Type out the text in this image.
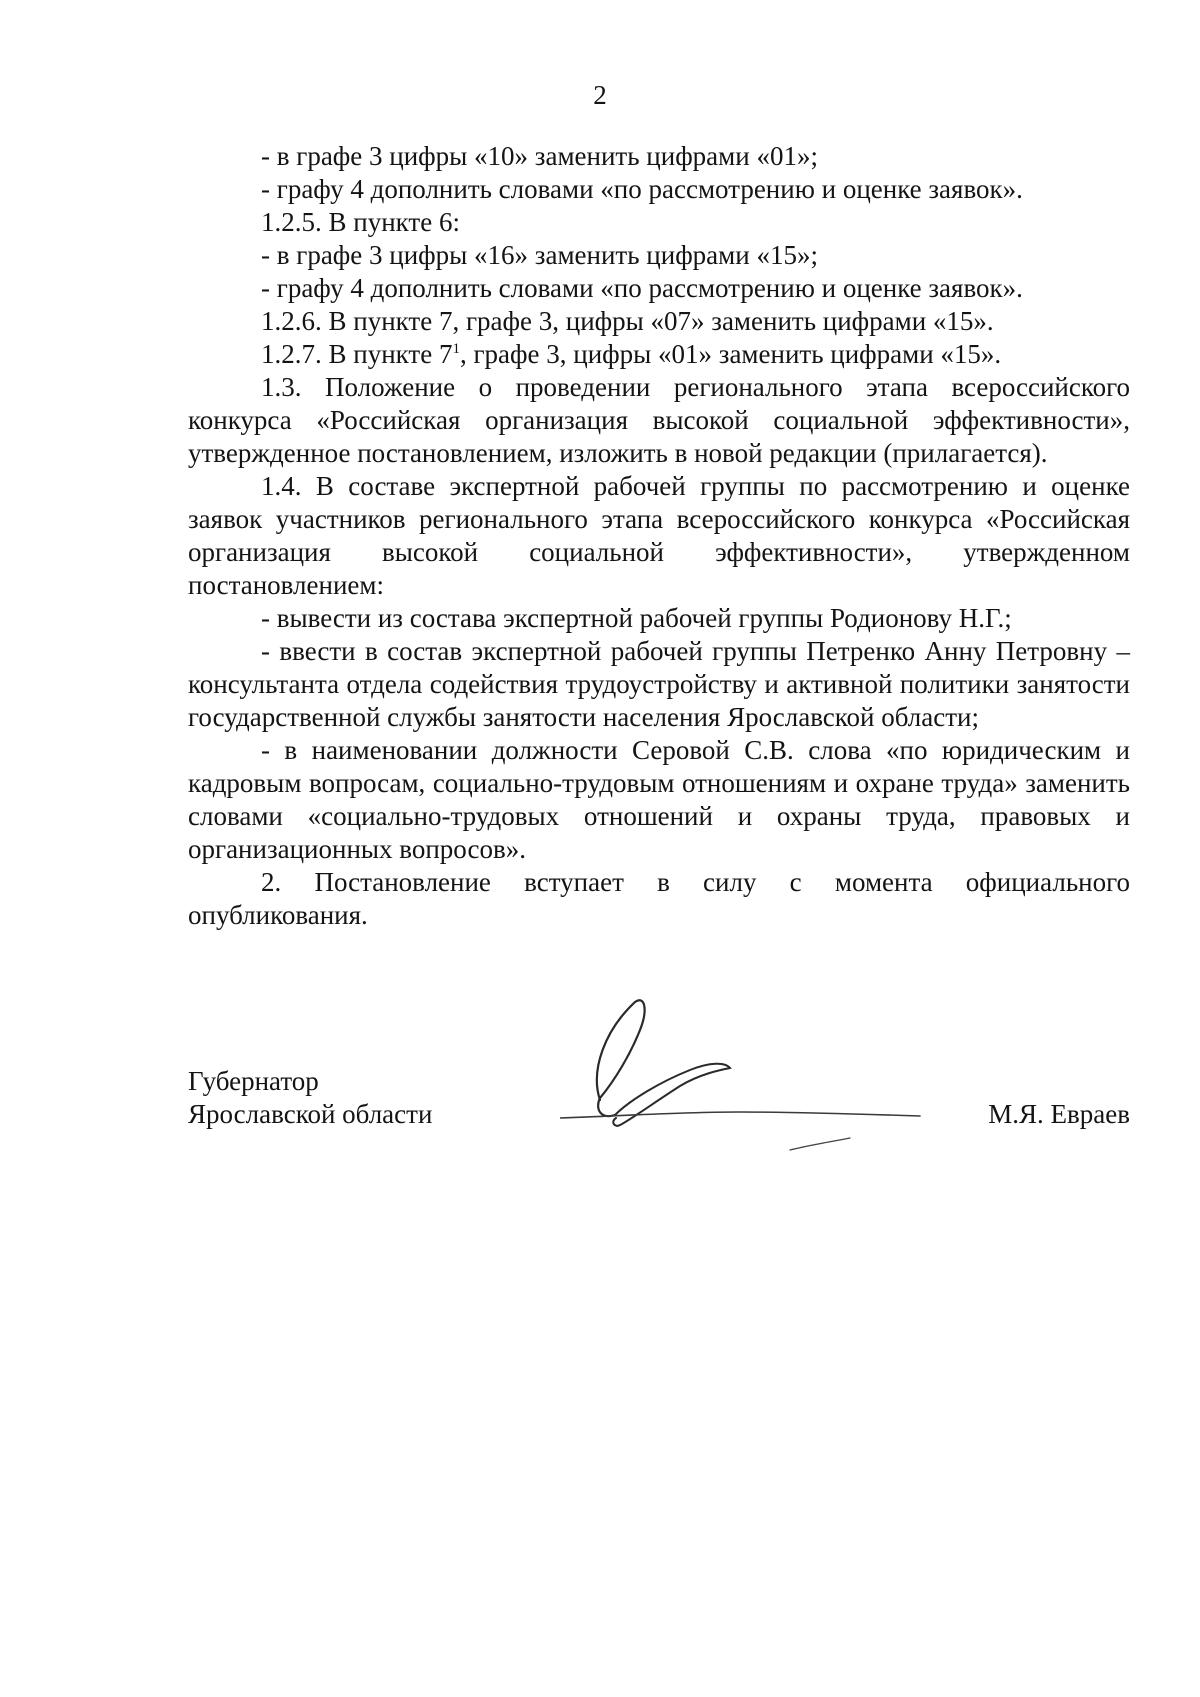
2

- в графе 3 цифры «10» заменить цифрами «01»;

- графу 4 дополнить словами «по рассмотрению и оценке заявок».

1.2.5. В пункте 6:

- в графе 3 цифры «16» заменить цифрами «15»;

- графу 4 дополнить словами «по рассмотрению и оценке заявок».

1.2.6. В пункте 7, графе 3, цифры «07» заменить цифрами «15».

1.2.7. В пункте $7^1$, графе 3, цифры «01» заменить цифрами «15».

1.3. Положение о проведении регионального этапа всероссийского конкурса «Российская организация высокой социальной эффективности», утвержденное постановлением, изложить в новой редакции (прилагается).

1.4. В составе экспертной рабочей группы по рассмотрению и оценке заявок участников регионального этапа всероссийского конкурса «Российская организация высокой социальной эффективности», утвержденном постановлением:

- вывести из состава экспертной рабочей группы Родионову Н.Г.;

- ввести в состав экспертной рабочей группы Петренко Анну Петровну – консультанта отдела содействия трудоустройству и активной политики занятости государственной службы занятости населения Ярославской области;

- в наименовании должности Серовой С.В. слова «по юридическим и кадровым вопросам, социально-трудовым отношениям и охране труда» заменить словами «социально-трудовых отношений и охраны труда, правовых и организационных вопросов».

2. Постановление вступает в силу с момента официального опубликования.

Губернатор
Ярославской области	М.Я. Евраев
